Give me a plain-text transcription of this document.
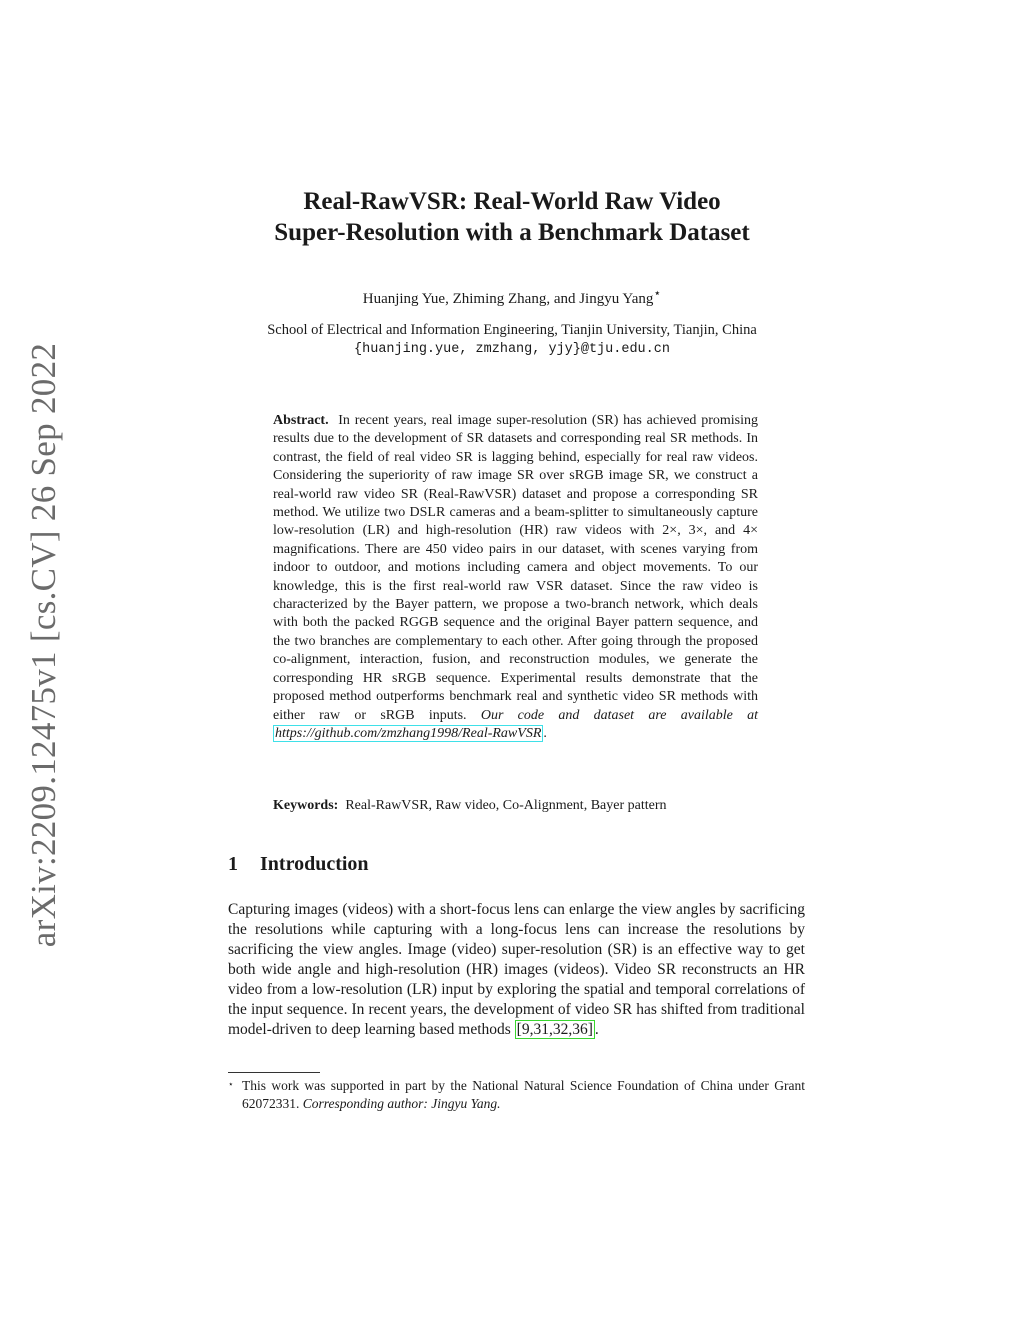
arXiv:2209.12475v1 [cs.CV] 26 Sep 2022
Real-RawVSR: Real-World Raw Video
Super-Resolution with a Benchmark Dataset
Huanjing Yue, Zhiming Zhang, and Jingyu Yang⋆
School of Electrical and Information Engineering, Tianjin University, Tianjin, China
{huanjing.yue, zmzhang, yjy}@tju.edu.cn
Abstract. In recent years, real image super-resolution (SR) has achieved promising results due to the development of SR datasets and corresponding real SR methods. In contrast, the field of real video SR is lagging behind, especially for real raw videos. Considering the superiority of raw image SR over sRGB image SR, we construct a real-world raw video SR (Real-RawVSR) dataset and propose a corresponding SR method. We utilize two DSLR cameras and a beam-splitter to simultaneously capture low-resolution (LR) and high-resolution (HR) raw videos with 2×, 3×, and 4× magnifications. There are 450 video pairs in our dataset, with scenes varying from indoor to outdoor, and motions including camera and object movements. To our knowledge, this is the first real-world raw VSR dataset. Since the raw video is characterized by the Bayer pattern, we propose a two-branch network, which deals with both the packed RGGB sequence and the original Bayer pattern sequence, and the two branches are complementary to each other. After going through the proposed co-alignment, interaction, fusion, and reconstruction modules, we generate the corresponding HR sRGB sequence. Experimental results demonstrate that the proposed method outperforms benchmark real and synthetic video SR methods with either raw or sRGB inputs. Our code and dataset are available at https://github.com/zmzhang1998/Real-RawVSR .
Keywords: Real-RawVSR, Raw video, Co-Alignment, Bayer pattern
1 Introduction
Capturing images (videos) with a short-focus lens can enlarge the view angles by sacrificing the resolutions while capturing with a long-focus lens can increase the resolutions by sacrificing the view angles. Image (video) super-resolution (SR) is an effective way to get both wide angle and high-resolution (HR) images (videos). Video SR reconstructs an HR video from a low-resolution (LR) input by exploring the spatial and temporal correlations of the input sequence. In recent years, the development of video SR has shifted from traditional model-driven to deep learning based methods [9,31,32,36] .
⋆ This work was supported in part by the National Natural Science Foundation of China under Grant 62072331. Corresponding author: Jingyu Yang.
